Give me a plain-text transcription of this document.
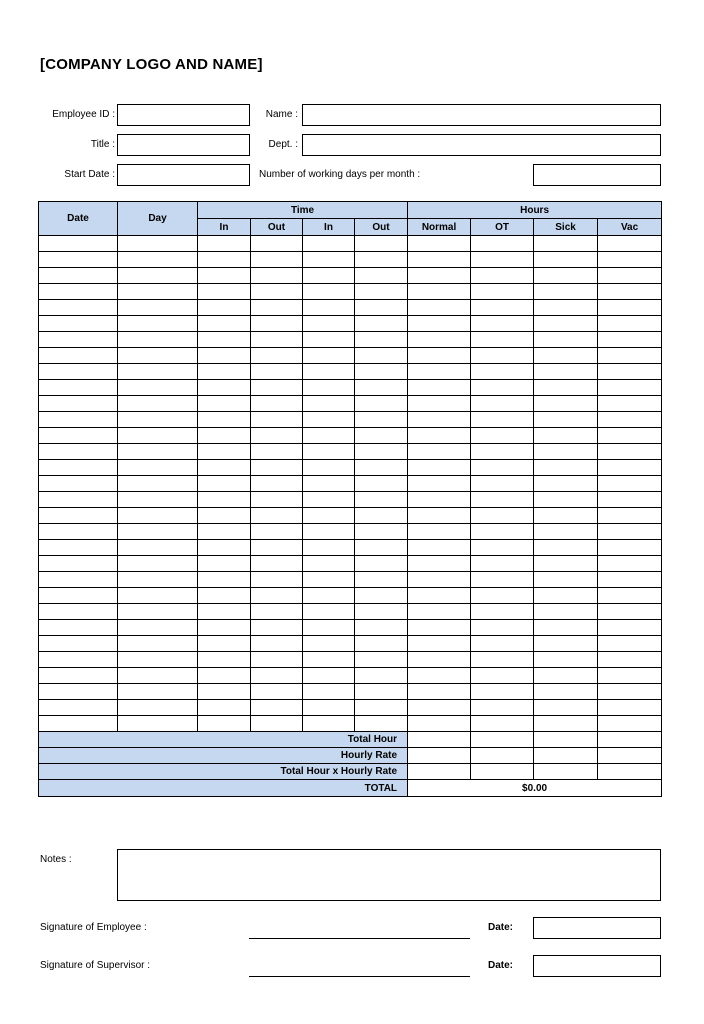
[COMPANY LOGO AND NAME]
Employee ID :	Name :
Title :	Dept. :
Start Date :	Number of working days per month :
Date	Day	Time				Hours			
		In	Out	In	Out	Normal	OT	Sick	Vac

Total Hour									
Hourly Rate									
Total Hour x Hourly Rate									
TOTAL						$0.00			
Notes :
Signature of Employee :	Date:
Signature of Supervisor :	Date:
